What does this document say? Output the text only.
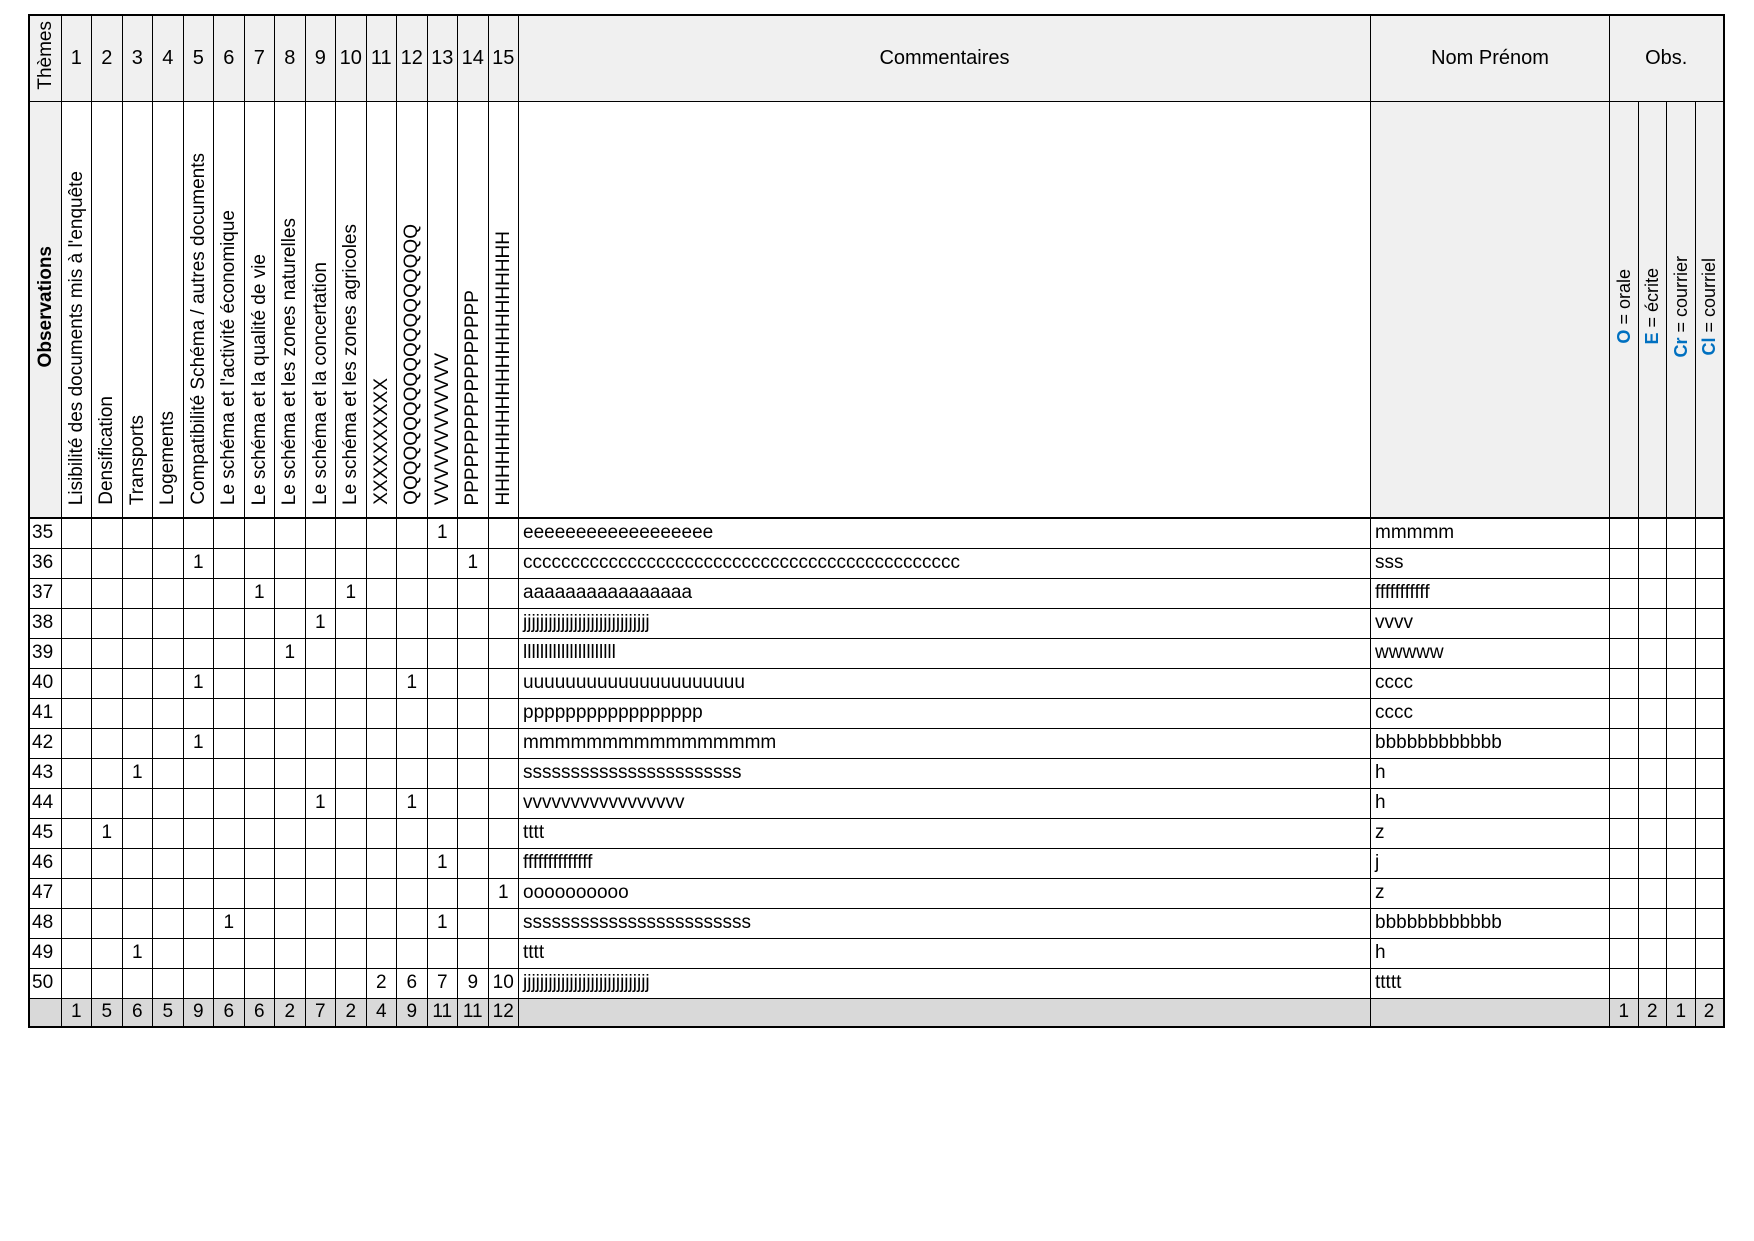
Thèmes	1	2	3	4	5	6	7	8	9	10	11	12	13	14	15	Commentaires	Nom Prénom	Obs.			
Observations	Lisibilité des documents mis à l'enquête	Densification	Transports	Logements	Compatibilité Schéma / autres documents	Le schéma et l'activité économique	Le schéma et la qualité de vie	Le schéma et les zones naturelles	Le schéma et la concertation	Le schéma et les zones agricoles	XXXXXXXXXX	QQQQQQQQQQQQQQQQQQQ	VVVVVVVVVVVV	PPPPPPPPPPPPPPPPP	HHHHHHHHHHHHHHHHHHHH			O = orale	E = écrite	Cr = courrier	Cl = courriel
35													1			eeeeeeeeeeeeeeeeee	mmmmm				
36					1									1		cccccccccccccccccccccccccccccccccccccccccccccc	sss				
37							1			1						aaaaaaaaaaaaaaaa	fffffffffff				
38									1							jjjjjjjjjjjjjjjjjjjjjjjjjjjjjj	vvvv				
39								1								llllllllllllllllllllll	wwwww				
40					1							1				uuuuuuuuuuuuuuuuuuuuu	cccc				
41																ppppppppppppppppp	cccc				
42					1											mmmmmmmmmmmmmmmm	bbbbbbbbbbbb				
43			1													sssssssssssssssssssssss	h				
44									1			1				vvvvvvvvvvvvvvvvv	h				
45		1														tttt	z				
46													1			ffffffffffffff	j				
47															1	oooooooooo	z				
48						1							1			ssssssssssssssssssssssss	bbbbbbbbbbbb				
49			1													tttt	h				
50											2	6	7	9	10	jjjjjjjjjjjjjjjjjjjjjjjjjjjjjj	ttttt				
	1	5	6	5	9	6	6	2	7	2	4	9	11	11	12			1	2	1	2
